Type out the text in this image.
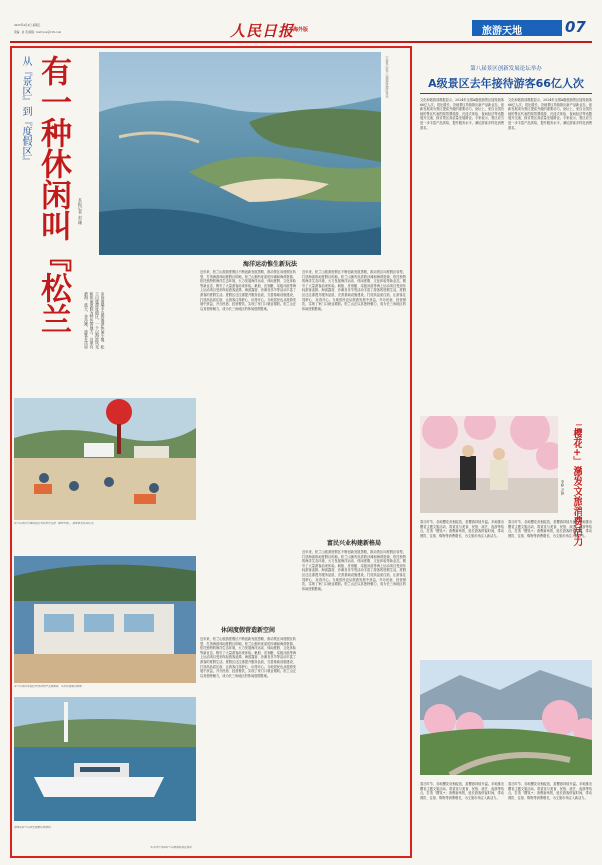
2025年4月4日 星期五
责编：赵 英 邮箱：hwlvyou@126.com	人民日报
海外版	旅游天地	07
从『景区』到『度假区』 有一种休闲叫『松兰
本报记者 赵 珊
中国南端半岛的海滨休闲小镇，松兰山旅游度假区，一个以海滨风光和休闲度假为特色的地方，这里有碧海、蓝天、金沙滩，游客在这里
宁波象山松兰山旅游度假区风光
松兰山海滨沙滩度假区举办海洋主题「露营市集」，游客享受休闲时光。
松兰山海滨度假区开放的海洋主题酒店，风景优美吸引游客。
游客在松兰山乘坐游艇出海游玩。
本文图片均由松兰山旅游度假区提供
海洋运动惟生新玩法
近年来，松兰山旅游度假区不断创新发展思路，推动景区向度假区转型，打造海滨休闲度假目的地。松兰山拥有优质的沙滩和海湾资源，依托独特的海洋生态环境，大力发展海洋运动、休闲度假、文化体验等新业态，吸引了大量游客前来体验。帆船、皮划艇、桨板冲浪等海上运动项目受到年轻游客追捧，海滨露营、沙滩音乐节等活动丰富了游客的度假生活。度假区还注重提升服务品质，完善基础设施建设，打造高品质住宿，让游客住得舒心、玩得开心。当地居民也从旅游发展中获益，开办民宿、经营餐饮，实现了家门口就业增收。松兰山正以其独特魅力，成为长三角地区的休闲度假胜地。
近年来，松兰山旅游度假区不断创新发展思路，推动景区向度假区转型，打造海滨休闲度假目的地。松兰山拥有优质的沙滩和海湾资源，依托独特的海洋生态环境，大力发展海洋运动、休闲度假、文化体验等新业态，吸引了大量游客前来体验。帆船、皮划艇、桨板冲浪等海上运动项目受到年轻游客追捧，海滨露营、沙滩音乐节等活动丰富了游客的度假生活。度假区还注重提升服务品质，完善基础设施建设，打造高品质住宿，让游客住得舒心、玩得开心。当地居民也从旅游发展中获益，开办民宿、经营餐饮，实现了家门口就业增收。松兰山正以其独特魅力，成为长三角地区的休闲度假胜地。
富民兴业构建新格局
近年来，松兰山旅游度假区不断创新发展思路，推动景区向度假区转型，打造海滨休闲度假目的地。松兰山拥有优质的沙滩和海湾资源，依托独特的海洋生态环境，大力发展海洋运动、休闲度假、文化体验等新业态，吸引了大量游客前来体验。帆船、皮划艇、桨板冲浪等海上运动项目受到年轻游客追捧，海滨露营、沙滩音乐节等活动丰富了游客的度假生活。度假区还注重提升服务品质，完善基础设施建设，打造高品质住宿，让游客住得舒心、玩得开心。当地居民也从旅游发展中获益，开办民宿、经营餐饮，实现了家门口就业增收。松兰山正以其独特魅力，成为长三角地区的休闲度假胜地。
休闲度假营造新空间
近年来，松兰山旅游度假区不断创新发展思路，推动景区向度假区转型，打造海滨休闲度假目的地。松兰山拥有优质的沙滩和海湾资源，依托独特的海洋生态环境，大力发展海洋运动、休闲度假、文化体验等新业态，吸引了大量游客前来体验。帆船、皮划艇、桨板冲浪等海上运动项目受到年轻游客追捧，海滨露营、沙滩音乐节等活动丰富了游客的度假生活。度假区还注重提升服务品质，完善基础设施建设，打造高品质住宿，让游客住得舒心、玩得开心。当地居民也从旅游发展中获益，开办民宿、经营餐饮，实现了家门口就业增收。松兰山正以其独特魅力，成为长三角地区的休闲度假胜地。
第八届景区创新发展论坛举办
A级景区去年接待游客66亿人次
文化和旅游部数据显示，2024年全国A级旅游景区接待游客66亿人次，同比增长，各地景区持续推出新产品新业态，创新发展成为景区提质升级的重要动力。论坛上，来自全国各地的景区代表围绕智慧旅游、沉浸式体验、夜间经济等话题展开交流，探讨景区高质量发展路径。专家表示，景区应当进一步丰富产品供给，提升服务水平，满足游客多样化消费需求。
文化和旅游部数据显示，2024年全国A级旅游景区接待游客66亿人次，同比增长，各地景区持续推出新产品新业态，创新发展成为景区提质升级的重要动力。论坛上，来自全国各地的景区代表围绕智慧旅游、沉浸式体验、夜间经济等话题展开交流，探讨景区高质量发展路径。专家表示，景区应当进一步丰富产品供给，提升服务水平，满足游客多样化消费需求。
「樱花+」激发文旅消费活力
李峥 尹静
春日时节，各地樱花竞相绽放，赏樱游持续升温。多地推出樱花主题文旅活动，将赏花与美食、民俗、演艺、夜游等结合，打造「樱花+」消费新场景，延长游客停留时间，带动餐饮、住宿、购物等消费增长，为文旅市场注入新活力。
春日时节，各地樱花竞相绽放，赏樱游持续升温。多地推出樱花主题文旅活动，将赏花与美食、民俗、演艺、夜游等结合，打造「樱花+」消费新场景，延长游客停留时间，带动餐饮、住宿、购物等消费增长，为文旅市场注入新活力。
春日时节，各地樱花竞相绽放，赏樱游持续升温。多地推出樱花主题文旅活动，将赏花与美食、民俗、演艺、夜游等结合，打造「樱花+」消费新场景，延长游客停留时间，带动餐饮、住宿、购物等消费增长，为文旅市场注入新活力。
春日时节，各地樱花竞相绽放，赏樱游持续升温。多地推出樱花主题文旅活动，将赏花与美食、民俗、演艺、夜游等结合，打造「樱花+」消费新场景，延长游客停留时间，带动餐饮、住宿、购物等消费增长，为文旅市场注入新活力。
